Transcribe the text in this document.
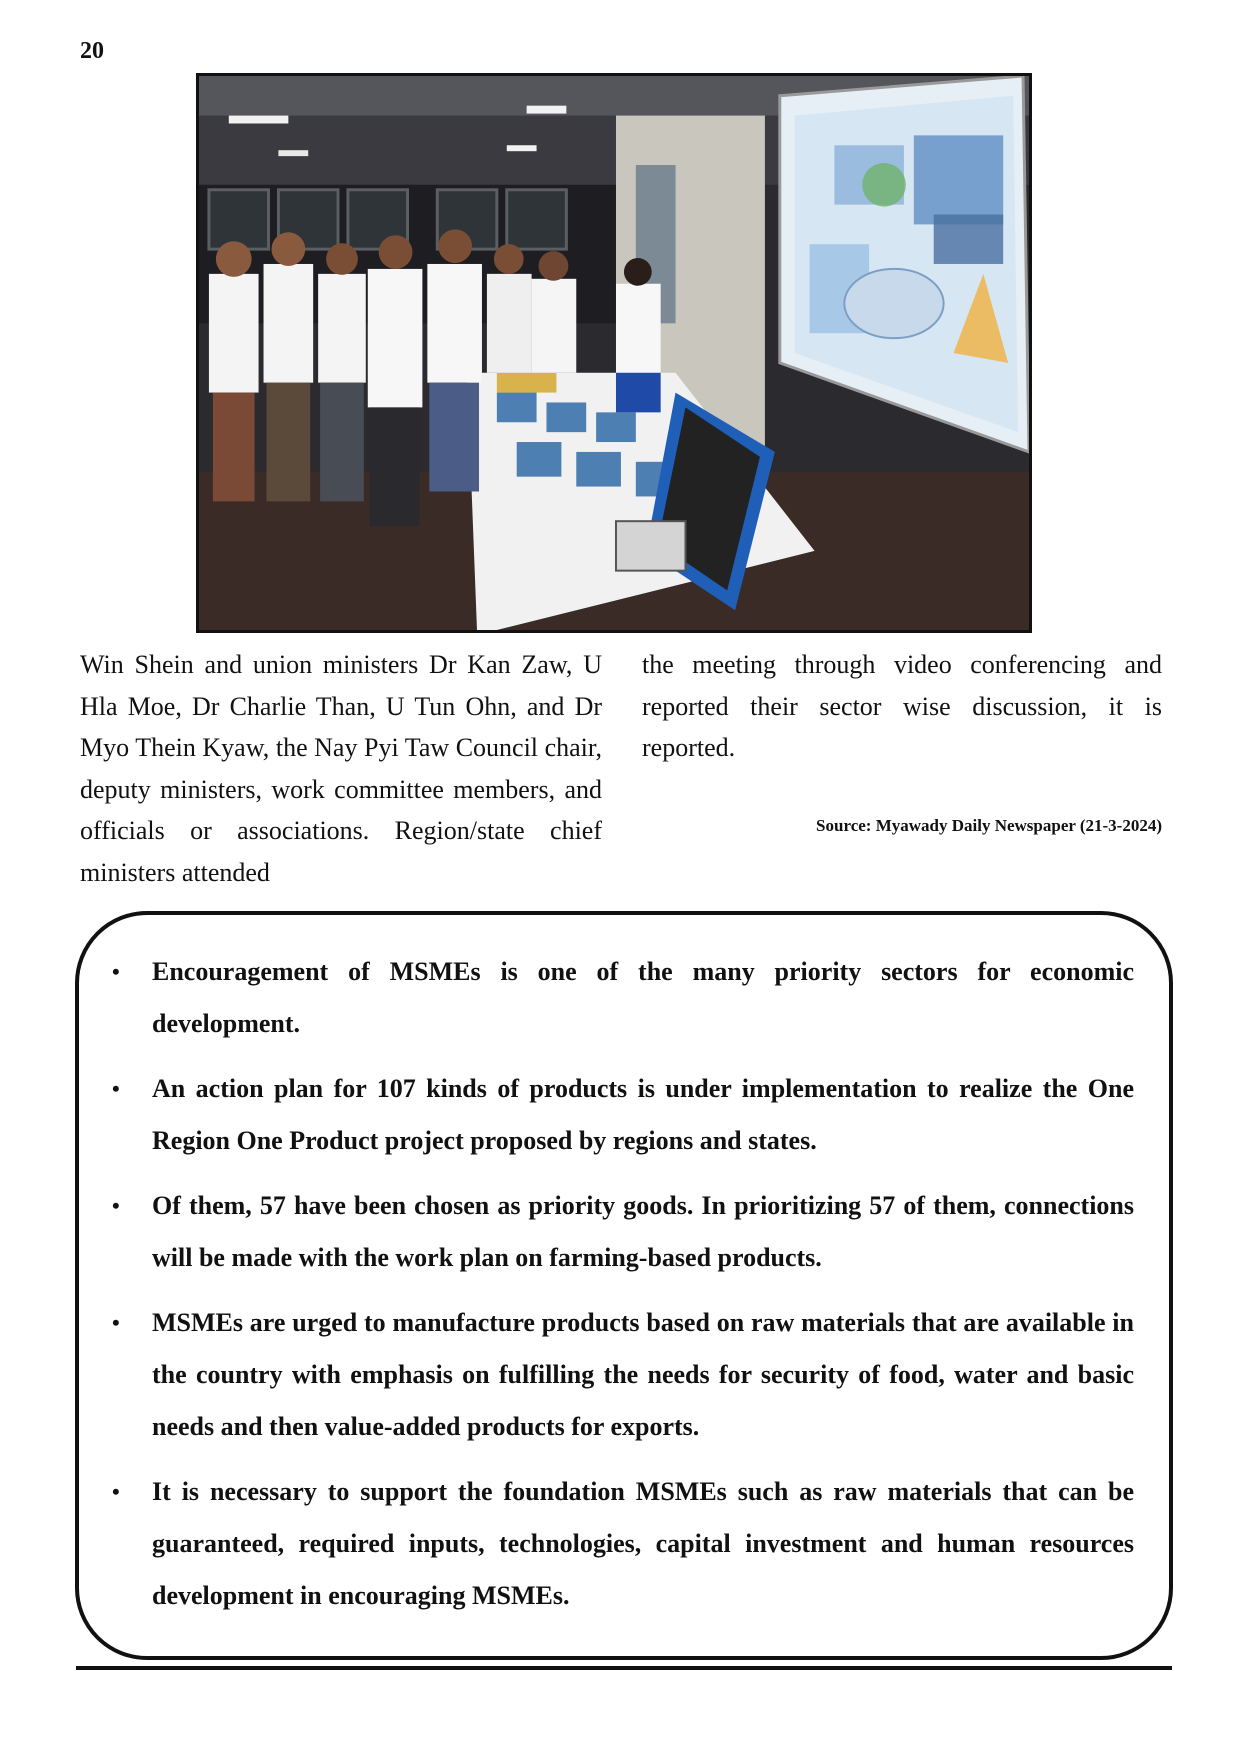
20
Win Shein and union ministers Dr Kan Zaw, U Hla Moe, Dr Charlie Than, U Tun Ohn, and Dr Myo Thein Kyaw, the Nay Pyi Taw Council chair, deputy ministers, work committee members, and officials or associations. Region/state chief ministers attended
the meeting through video conferencing and reported their sector wise discussion, it is reported.
Source: Myawady Daily Newspaper (21-3-2024)
• Encouragement of MSMEs is one of the many priority sectors for economic development.
• An action plan for 107 kinds of products is under implementation to realize the One Region One Product project proposed by regions and states.
• Of them, 57 have been chosen as priority goods. In prioritizing 57 of them, connections will be made with the work plan on farming-based products.
• MSMEs are urged to manufacture products based on raw materials that are available in the country with emphasis on fulfilling the needs for security of food, water and basic needs and then value-added products for exports.
• It is necessary to support the foundation MSMEs such as raw materials that can be guaranteed, required inputs, technologies, capital investment and human resources development in encouraging MSMEs.
